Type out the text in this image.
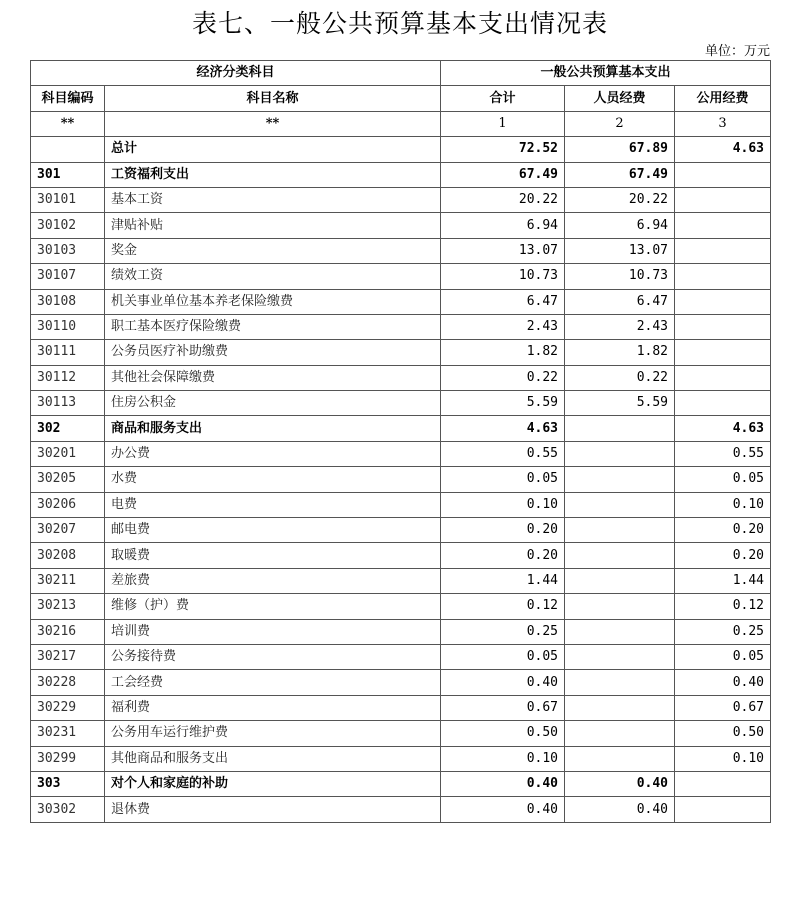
表七、一般公共预算基本支出情况表
单位：万元
经济分类科目		一般公共预算基本支出		
科目编码	科目名称	合计	人员经费	公用经费
**	**	1	2	3
	总计	72.52	67.89	4.63
301	工资福利支出	67.49	67.49	
30101	基本工资	20.22	20.22	
30102	津贴补贴	6.94	6.94	
30103	奖金	13.07	13.07	
30107	绩效工资	10.73	10.73	
30108	机关事业单位基本养老保险缴费	6.47	6.47	
30110	职工基本医疗保险缴费	2.43	2.43	
30111	公务员医疗补助缴费	1.82	1.82	
30112	其他社会保障缴费	0.22	0.22	
30113	住房公积金	5.59	5.59	
302	商品和服务支出	4.63		4.63
30201	办公费	0.55		0.55
30205	水费	0.05		0.05
30206	电费	0.10		0.10
30207	邮电费	0.20		0.20
30208	取暖费	0.20		0.20
30211	差旅费	1.44		1.44
30213	维修（护）费	0.12		0.12
30216	培训费	0.25		0.25
30217	公务接待费	0.05		0.05
30228	工会经费	0.40		0.40
30229	福利费	0.67		0.67
30231	公务用车运行维护费	0.50		0.50
30299	其他商品和服务支出	0.10		0.10
303	对个人和家庭的补助	0.40	0.40	
30302	退休费	0.40	0.40	
